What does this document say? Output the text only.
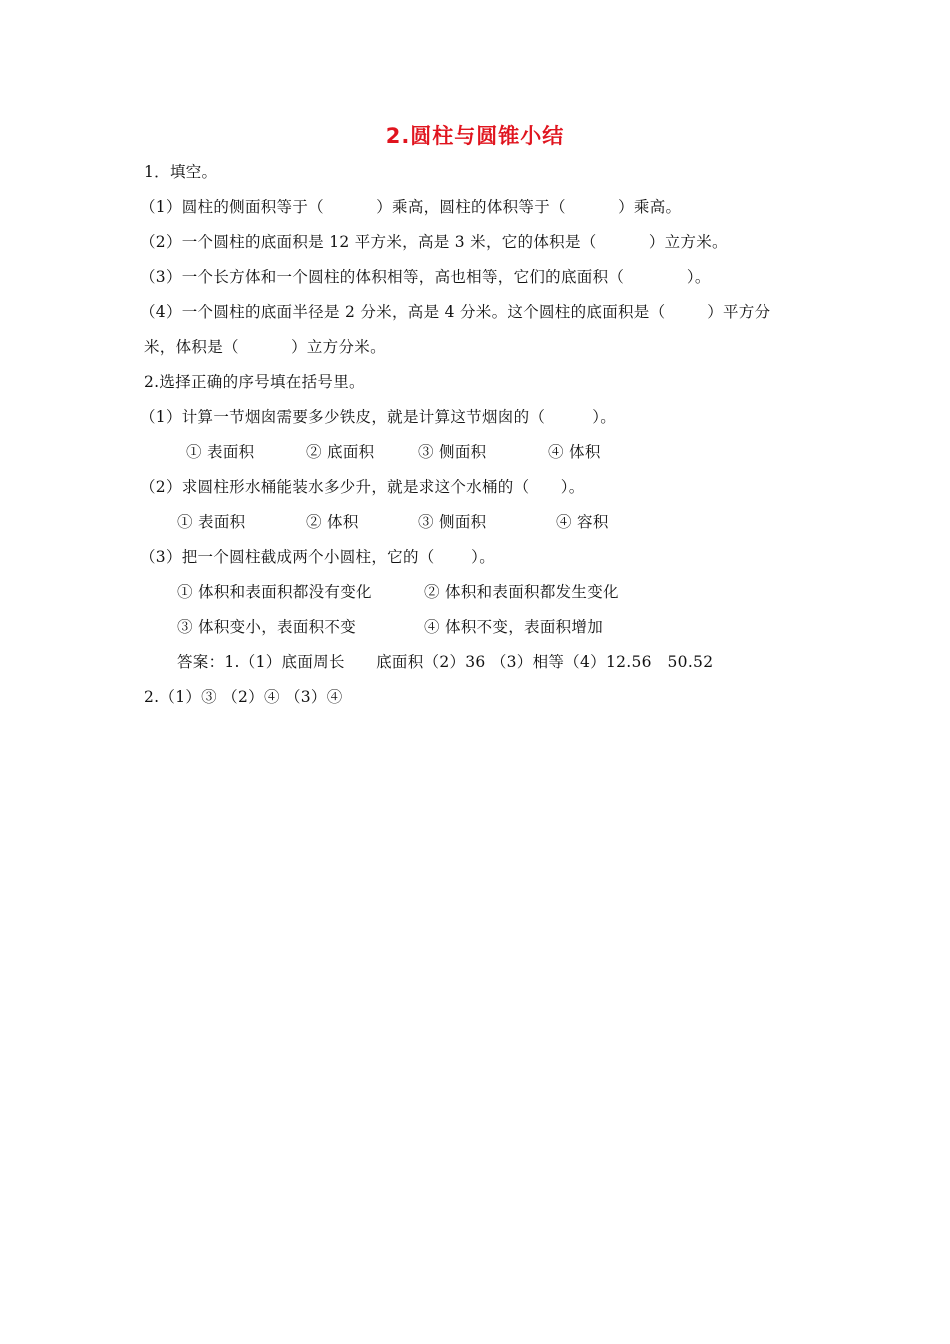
2.圆柱与圆锥小结
1．填空。
（1）圆柱的侧面积等于（          ）乘高，圆柱的体积等于（          ）乘高。
（2）一个圆柱的底面积是 12 平方米，高是 3 米，它的体积是（          ）立方米。
（3）一个长方体和一个圆柱的体积相等，高也相等，它们的底面积（            ）。
（4）一个圆柱的底面半径是 2 分米，高是 4 分米。这个圆柱的底面积是（        ）平方分
米，体积是（          ）立方分米。
2.选择正确的序号填在括号里。
（1）计算一节烟囱需要多少铁皮，就是计算这节烟囱的（         ）。
① 表面积	② 底面积	③ 侧面积	④ 体积
（2）求圆柱形水桶能装水多少升，就是求这个水桶的（      ）。
① 表面积	② 体积	③ 侧面积	④ 容积
（3）把一个圆柱截成两个小圆柱，它的（       ）。
① 体积和表面积都没有变化	② 体积和表面积都发生变化
③ 体积变小，表面积不变	④ 体积不变，表面积增加
答案：1.（1）底面周长      底面积（2）36 （3）相等（4）12.56   50.52
2.（1）③ （2）④ （3）④
